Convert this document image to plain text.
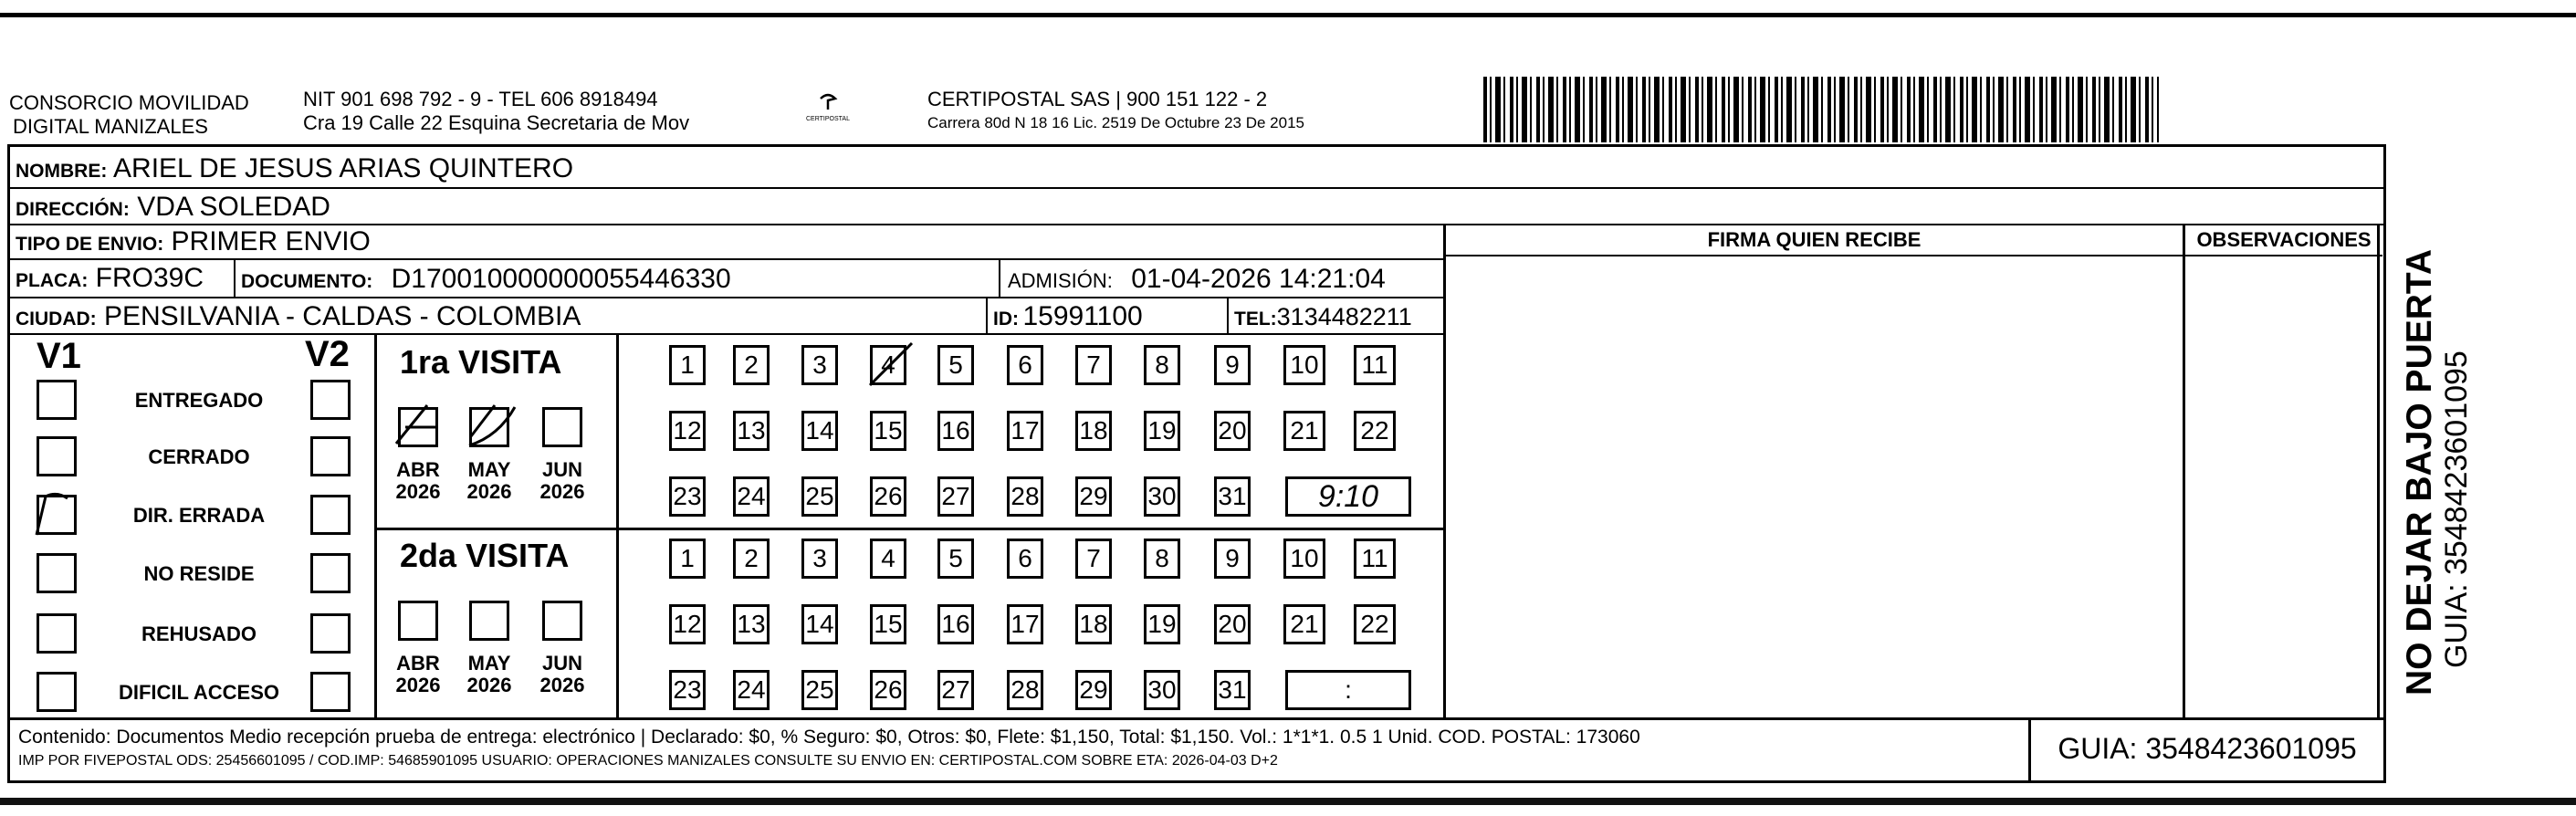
CONSORCIO MOVILIDAD
DIGITAL MANIZALES
NIT 901 698 792 - 9 - TEL 606 8918494
Cra 19 Calle 22 Esquina Secretaria de Mov	CERTIPOSTAL
CERTIPOSTAL SAS | 900 151 122 - 2
Carrera 80d N 18 16 Lic. 2519 De Octubre 23 De 2015
NOMBRE: ARIEL DE JESUS ARIAS QUINTERO
DIRECCIÓN: VDA SOLEDAD
TIPO DE ENVIO: PRIMER ENVIO
PLACA: FRO39C	DOCUMENTO: D170010000000055446330	ADMISIÓN: 01-04-2026 14:21:04
CIUDAD: PENSILVANIA - CALDAS - COLOMBIA	ID: 15991100	TEL:3134482211
FIRMA QUIEN RECIBE	OBSERVACIONES
V1	V2
ENTREGADO
CERRADO
DIR. ERRADA
NO RESIDE
REHUSADO
DIFICIL ACCESO
1ra VISITA
2da VISITA
ABR
2026
MAY
2026
JUN
2026
1	2	3	4	5	6	7	8	9	10	11
12 13 14 15 16 17 18 19 20 21 22
23 24 25 26 27 28 29 30 31	9:10
ABR
2026
MAY
2026
JUN
2026
1	2	3	4	5	6	7	8	9	10	11
12 13 14 15 16 17 18 19 20 21 22
23 24 25 26 27 28 29 30 31	:
Contenido: Documentos Medio recepción prueba de entrega: electrónico | Declarado: $0, % Seguro: $0, Otros: $0, Flete: $1,150, Total: $1,150. Vol.: 1*1*1. 0.5 1 Unid. COD. POSTAL: 173060
IMP POR FIVEPOSTAL ODS: 25456601095 / COD.IMP: 54685901095 USUARIO: OPERACIONES MANIZALES CONSULTE SU ENVIO EN: CERTIPOSTAL.COM SOBRE ETA: 2026-04-03 D+2	GUIA: 3548423601095
NO DEJAR BAJO PUERTA GUIA: 3548423601095
